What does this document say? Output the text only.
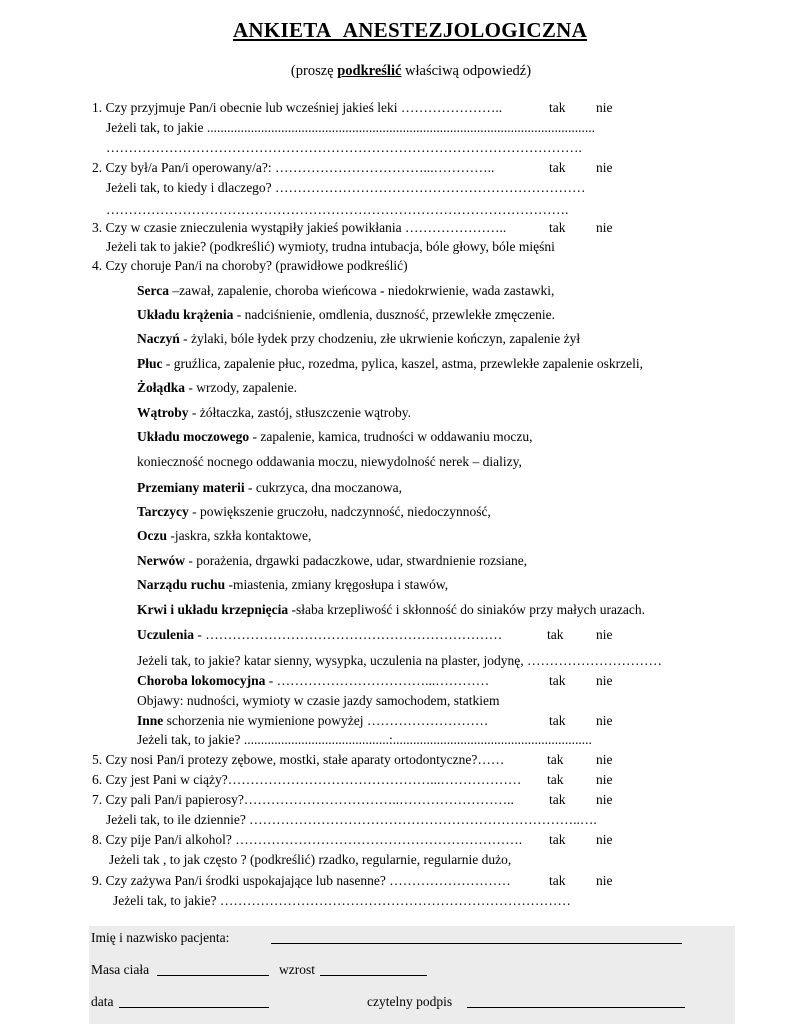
ANKIETA ANESTEZJOLOGICZNA
(proszę podkreślić właściwą odpowiedź)
1. Czy przyjmuje Pan/i obecnie lub wcześniej jakieś leki …………………..	tak nie
Jeżeli tak, to jakie ...................................................................................................................
…………………………………………………………………………………………….
2. Czy był/a Pan/i operowany/a?: ……………………………...…………..	tak nie
Jeżeli tak, to kiedy i dlaczego? ……………………………………………………………
………………………………………………………………………………………….
3. Czy w czasie znieczulenia wystąpiły jakieś powikłania …………………..	tak nie
Jeżeli tak to jakie? (podkreślić) wymioty, trudna intubacja, bóle głowy, bóle mięśni
4. Czy choruje Pan/i na choroby? (prawidłowe podkreślić)
Serca –zawał, zapalenie, choroba wieńcowa - niedokrwienie, wada zastawki,
Układu krążenia - nadciśnienie, omdlenia, duszność, przewlekłe zmęczenie.
Naczyń - żylaki, bóle łydek przy chodzeniu, złe ukrwienie kończyn, zapalenie żył
Płuc - gruźlica, zapalenie płuc, rozedma, pylica, kaszel, astma, przewlekłe zapalenie oskrzeli,
Żołądka - wrzody, zapalenie.
Wątroby - żółtaczka, zastój, stłuszczenie wątroby.
Układu moczowego - zapalenie, kamica, trudności w oddawaniu moczu,
konieczność nocnego oddawania moczu, niewydolność nerek – dializy,
Przemiany materii - cukrzyca, dna moczanowa,
Tarczycy - powiększenie gruczołu, nadczynność, niedoczynność,
Oczu -jaskra, szkła kontaktowe,
Nerwów - porażenia, drgawki padaczkowe, udar, stwardnienie rozsiane,
Narządu ruchu -miastenia, zmiany kręgosłupa i stawów,
Krwi i układu krzepnięcia -słaba krzepliwość i skłonność do siniaków przy małych urazach.
Uczulenia - …………………………………………………………	tak nie
Jeżeli tak, to jakie? katar sienny, wysypka, uczulenia na plaster, jodynę, …………………………
Choroba lokomocyjna - ……………………………...…………	tak nie
Objawy: nudności, wymioty w czasie jazdy samochodem, statkiem
Inne schorzenia nie wymienione powyżej ………………………	tak nie
Jeżeli tak, to jakie? ...........................................:...........................................................
5. Czy nosi Pan/i protezy zębowe, mostki, stałe aparaty ortodontyczne?……	tak nie
6. Czy jest Pani w ciąży?………………………………………...……………… tak nie
7. Czy pali Pan/i papierosy?……………………………..……………………..	tak nie
Jeżeli tak, to ile dziennie? ………………………………………………………………..….
8. Czy pije Pan/i alkohol? ………………………………………………………. tak nie
Jeżeli tak , to jak często ? (podkreślić) rzadko, regularnie, regularnie dużo,
9. Czy zażywa Pan/i środki uspokajające lub nasenne? ………………………	tak nie
Jeżeli tak, to jakie? ……………………………………………………………………
Imię i nazwisko pacjenta:
Masa ciała	wzrost
data	czytelny podpis
